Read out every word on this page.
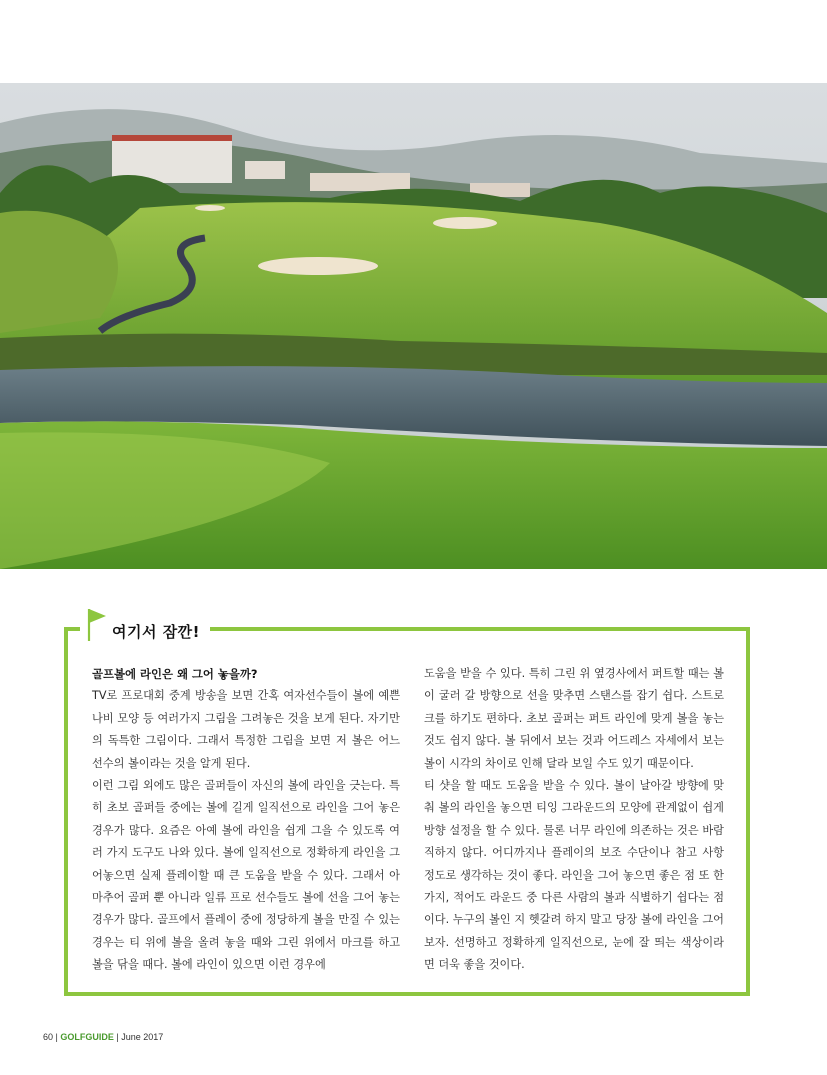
여기서 잠깐!

골프볼에 라인은 왜 그어 놓을까?

TV로 프로대회 중계 방송을 보면 간혹 여자선수들이 볼에 예쁜 나비 모양 등 여러가지 그림을 그려놓은 것을 보게 된다. 자기만의 독특한 그림이다. 그래서 특정한 그림을 보면 저 볼은 어느 선수의 볼이라는 것을 알게 된다.

이런 그림 외에도 많은 골퍼들이 자신의 볼에 라인을 긋는다. 특히 초보 골퍼들 중에는 볼에 길게 일직선으로 라인을 그어 놓은 경우가 많다. 요즘은 아예 볼에 라인을 쉽게 그을 수 있도록 여러 가지 도구도 나와 있다. 볼에 일직선으로 정확하게 라인을 그어놓으면 실제 플레이할 때 큰 도움을 받을 수 있다. 그래서 아마추어 골퍼 뿐 아니라 일류 프로 선수들도 볼에 선을 그어 놓는 경우가 많다. 골프에서 플레이 중에 정당하게 볼을 만질 수 있는 경우는 티 위에 볼을 올려 놓을 때와 그린 위에서 마크를 하고 볼을 닦을 때다. 볼에 라인이 있으면 이런 경우에

도움을 받을 수 있다. 특히 그린 위 옆경사에서 퍼트할 때는 볼이 굴러 갈 방향으로 선을 맞추면 스탠스를 잡기 쉽다. 스트로크를 하기도 편하다. 초보 골퍼는 퍼트 라인에 맞게 볼을 놓는 것도 쉽지 않다. 볼 뒤에서 보는 것과 어드레스 자세에서 보는 볼이 시각의 차이로 인해 달라 보일 수도 있기 때문이다.

티 샷을 할 때도 도움을 받을 수 있다. 볼이 날아갈 방향에 맞춰 볼의 라인을 놓으면 티잉 그라운드의 모양에 관계없이 쉽게 방향 설정을 할 수 있다. 물론 너무 라인에 의존하는 것은 바람직하지 않다. 어디까지나 플레이의 보조 수단이나 참고 사항 정도로 생각하는 것이 좋다. 라인을 그어 놓으면 좋은 점 또 한가지, 적어도 라운드 중 다른 사람의 볼과 식별하기 쉽다는 점이다. 누구의 볼인 지 헷갈려 하지 말고 당장 볼에 라인을 그어 보자. 선명하고 정확하게 일직선으로, 눈에 잘 띄는 색상이라면 더욱 좋을 것이다.

60 | GOLFGUIDE | June 2017
